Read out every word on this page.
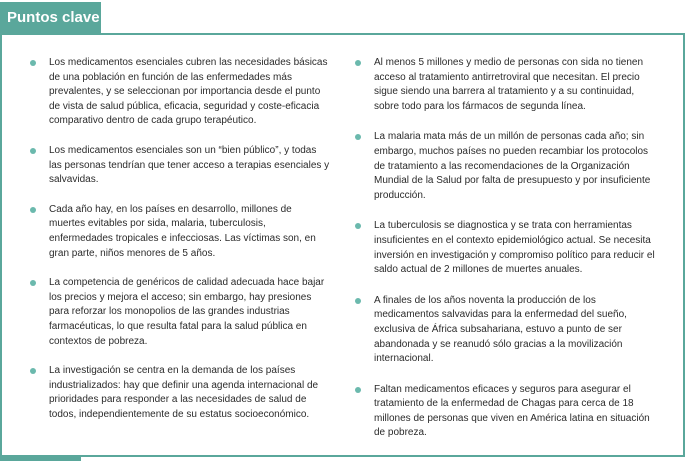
Puntos clave
Los medicamentos esenciales cubren las necesidades básicas de una población en función de las enfermedades más prevalentes, y se seleccionan por importancia desde el punto de vista de salud pública, eficacia, seguridad y coste-eficacia comparativo dentro de cada grupo terapéutico.
Los medicamentos esenciales son un “bien público”, y todas las personas tendrían que tener acceso a terapias esenciales y salvavidas.
Cada año hay, en los países en desarrollo, millones de muertes evitables por sida, malaria, tuberculosis, enfermedades tropicales e infecciosas. Las víctimas son, en gran parte, niños menores de 5 años.
La competencia de genéricos de calidad adecuada hace bajar los precios y mejora el acceso; sin embargo, hay presiones para reforzar los monopolios de las grandes industrias farmacéuticas, lo que resulta fatal para la salud pública en contextos de pobreza.
La investigación se centra en la demanda de los países industrializados: hay que definir una agenda internacional de prioridades para responder a las necesidades de salud de todos, independientemente de su estatus socioeconómico.
Al menos 5 millones y medio de personas con sida no tienen acceso al tratamiento antirretroviral que necesitan. El precio sigue siendo una barrera al tratamiento y a su continuidad, sobre todo para los fármacos de segunda línea.
La malaria mata más de un millón de personas cada año; sin embargo, muchos países no pueden recambiar los protocolos de tratamiento a las recomendaciones de la Organización Mundial de la Salud por falta de presupuesto y por insuficiente producción.
La tuberculosis se diagnostica y se trata con herramientas insuficientes en el contexto epidemiológico actual. Se necesita inversión en investigación y compromiso político para reducir el saldo actual de 2 millones de muertes anuales.
A finales de los años noventa la producción de los medicamentos salvavidas para la enfermedad del sueño, exclusiva de África subsahariana, estuvo a punto de ser abandonada y se reanudó sólo gracias a la movilización internacional.
Faltan medicamentos eficaces y seguros para asegurar el tratamiento de la enfermedad de Chagas para cerca de 18 millones de personas que viven en América latina en situación de pobreza.
